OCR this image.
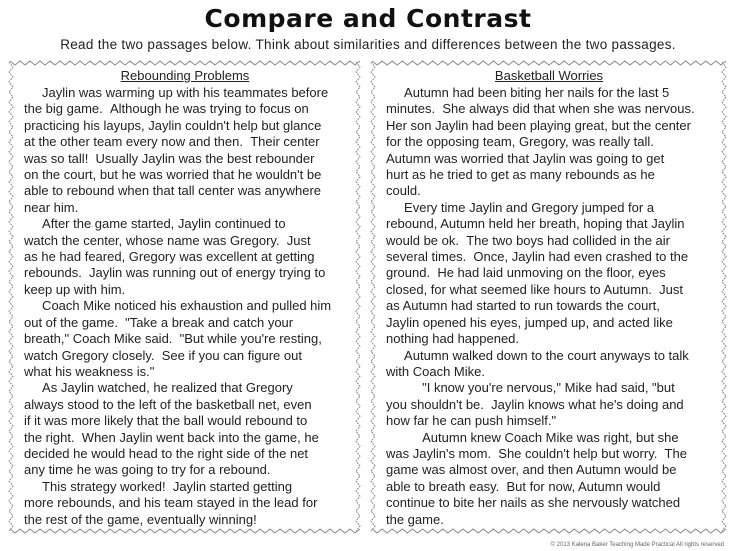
Compare and Contrast
Read the two passages below. Think about similarities and differences between the two passages.
Rebounding Problems
Jaylin was warming up with his teammates before
the big game.  Although he was trying to focus on
practicing his layups, Jaylin couldn't help but glance
at the other team every now and then.  Their center
was so tall!  Usually Jaylin was the best rebounder
on the court, but he was worried that he wouldn't be
able to rebound when that tall center was anywhere
near him.
After the game started, Jaylin continued to
watch the center, whose name was Gregory.  Just
as he had feared, Gregory was excellent at getting
rebounds.  Jaylin was running out of energy trying to
keep up with him.
Coach Mike noticed his exhaustion and pulled him
out of the game.  "Take a break and catch your
breath," Coach Mike said.  "But while you're resting,
watch Gregory closely.  See if you can figure out
what his weakness is."
As Jaylin watched, he realized that Gregory
always stood to the left of the basketball net, even
if it was more likely that the ball would rebound to
the right.  When Jaylin went back into the game, he
decided he would head to the right side of the net
any time he was going to try for a rebound.
This strategy worked!  Jaylin started getting
more rebounds, and his team stayed in the lead for
the rest of the game, eventually winning!
Basketball Worries
Autumn had been biting her nails for the last 5
minutes.  She always did that when she was nervous.
Her son Jaylin had been playing great, but the center
for the opposing team, Gregory, was really tall.
Autumn was worried that Jaylin was going to get
hurt as he tried to get as many rebounds as he
could.
Every time Jaylin and Gregory jumped for a
rebound, Autumn held her breath, hoping that Jaylin
would be ok.  The two boys had collided in the air
several times.  Once, Jaylin had even crashed to the
ground.  He had laid unmoving on the floor, eyes
closed, for what seemed like hours to Autumn.  Just
as Autumn had started to run towards the court,
Jaylin opened his eyes, jumped up, and acted like
nothing had happened.
Autumn walked down to the court anyways to talk
with Coach Mike.
"I know you're nervous," Mike had said, "but
you shouldn't be.  Jaylin knows what he's doing and
how far he can push himself."
Autumn knew Coach Mike was right, but she
was Jaylin's mom.  She couldn't help but worry.  The
game was almost over, and then Autumn would be
able to breath easy.  But for now, Autumn would
continue to bite her nails as she nervously watched
the game.
© 2013 Kalena Baker Teaching Made Practical All rights reserved
